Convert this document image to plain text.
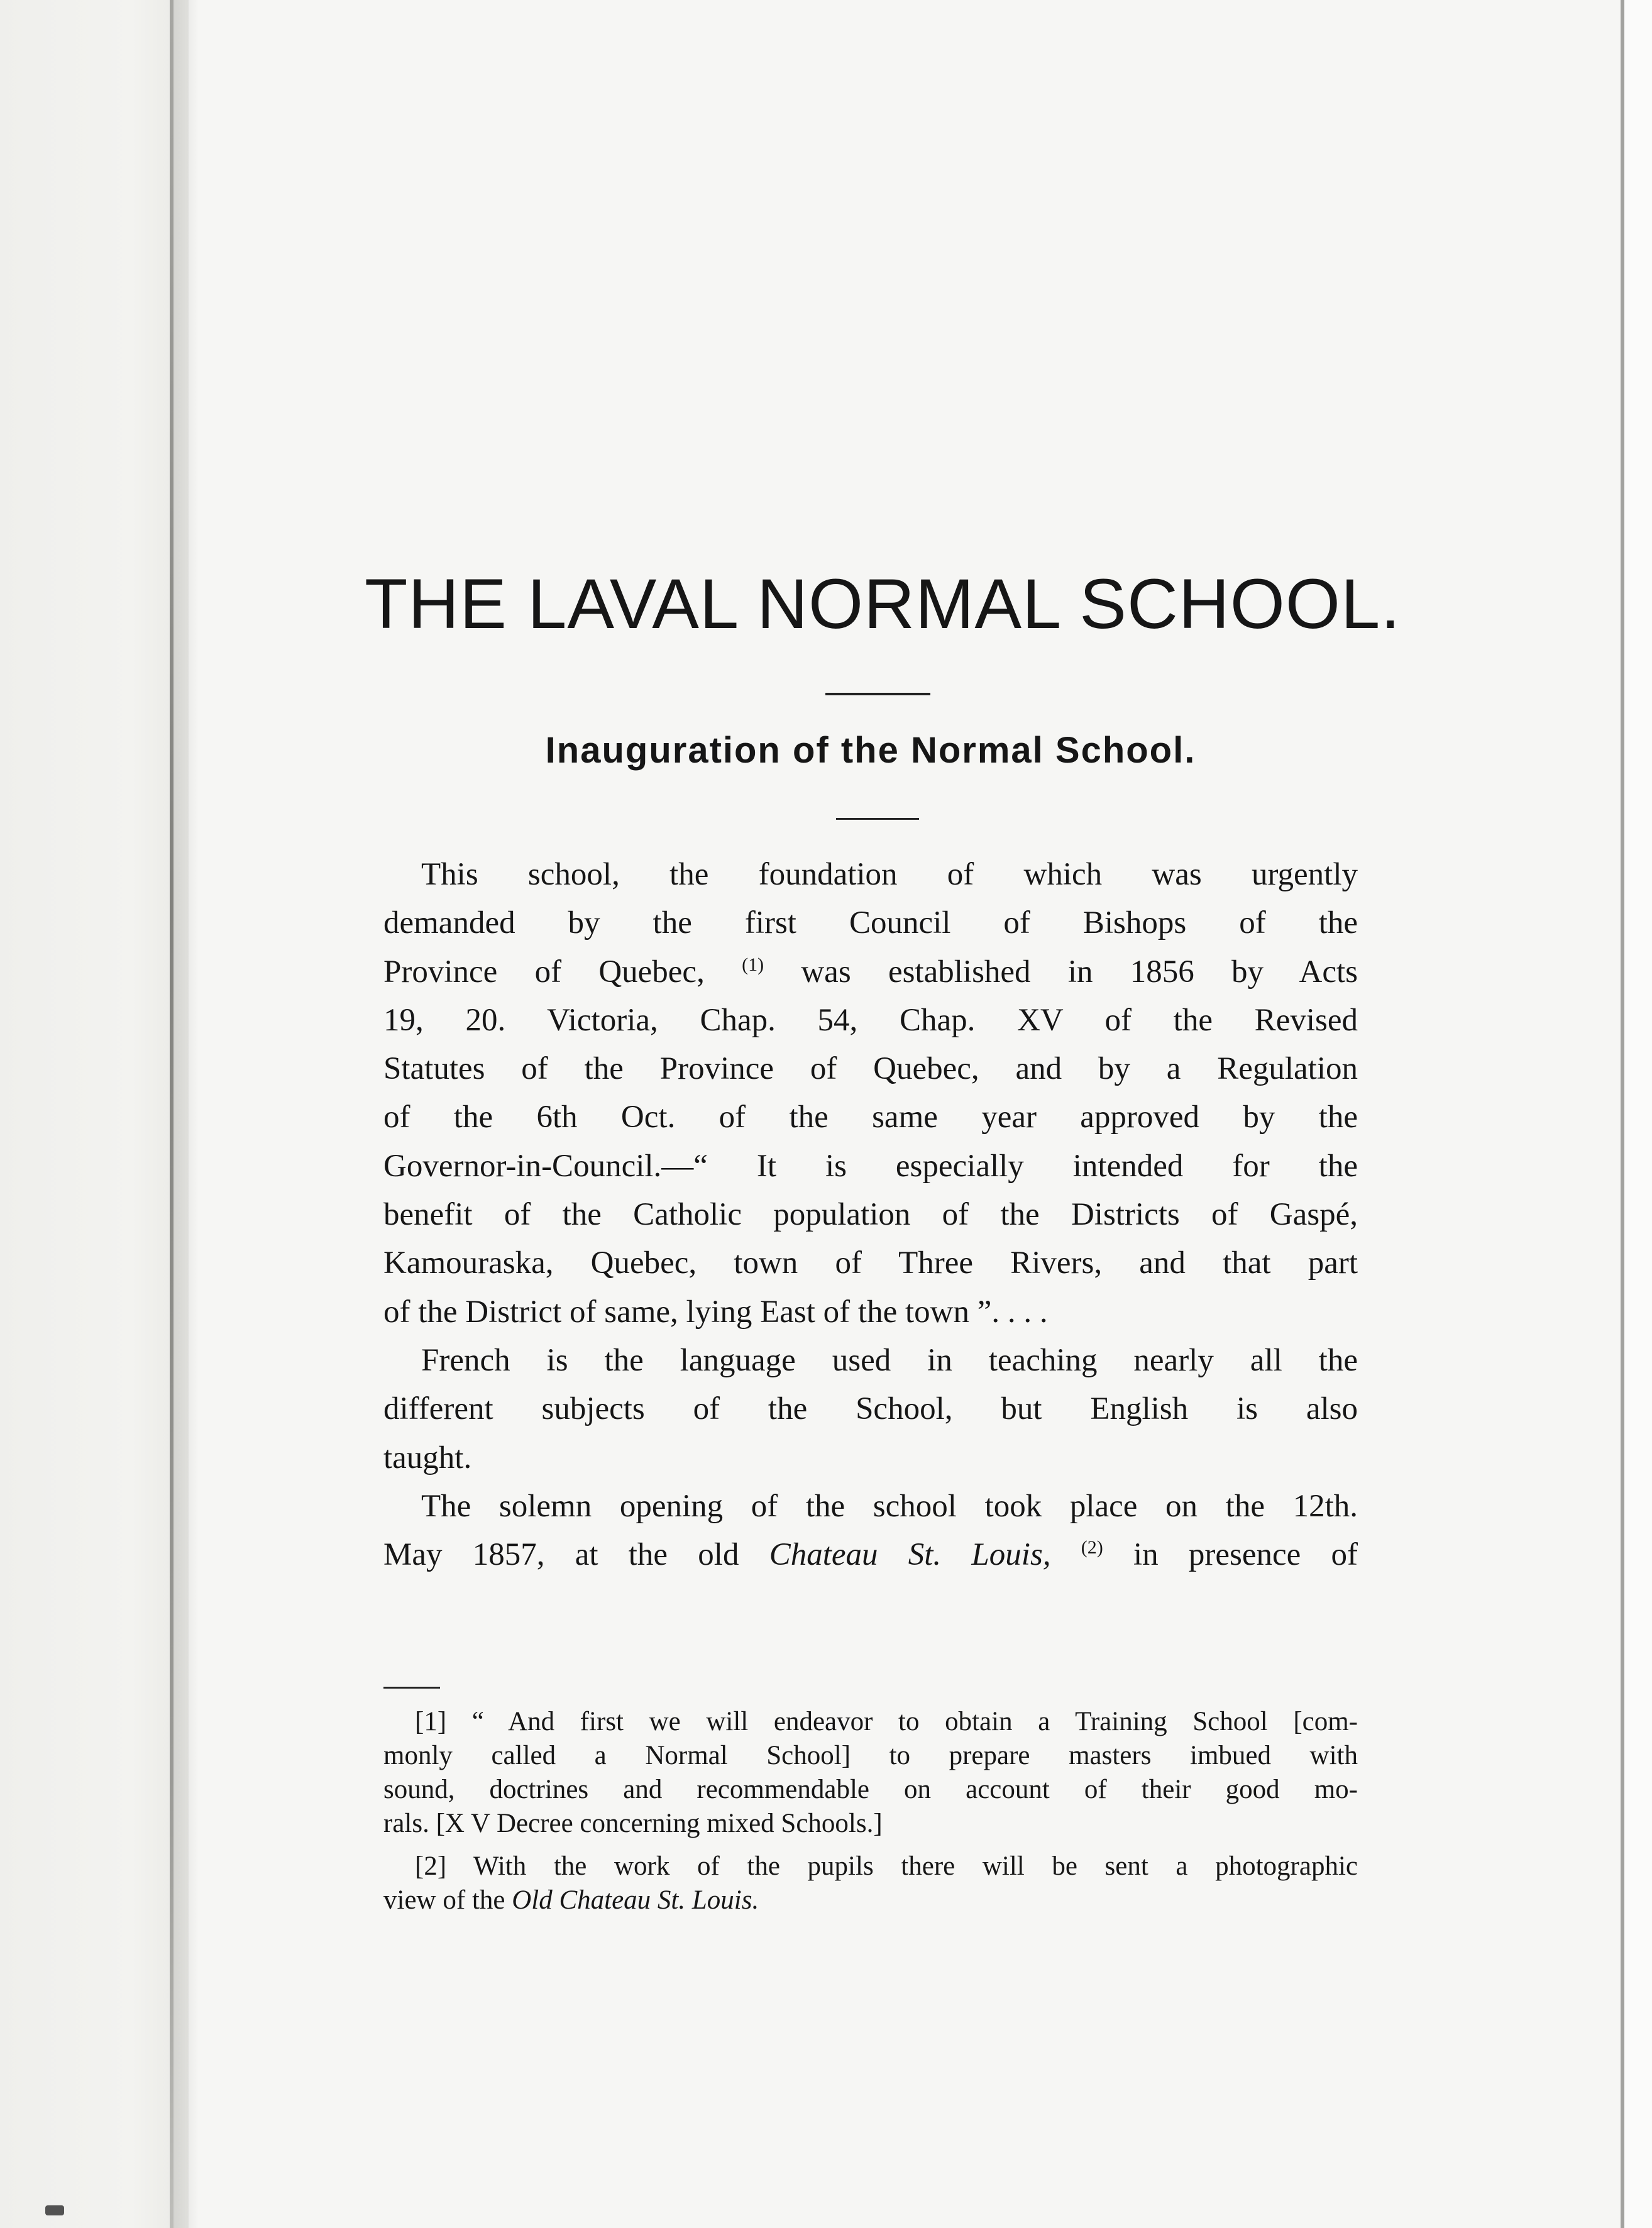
THE LAVAL NORMAL SCHOOL.
Inauguration of the Normal School.
This school, the foundation of which was urgently
demanded by the first Council of Bishops of the
Province of Quebec, $^{(1)}$ was established in 1856 by Acts
19, 20. Victoria, Chap. 54, Chap. XV of the Revised
Statutes of the Province of Quebec, and by a Regulation
of the 6th Oct. of the same year approved by the
Governor-in-Council.—“ It is especially intended for the
benefit of the Catholic population of the Districts of Gaspé,
Kamouraska, Quebec, town of Three Rivers, and that part
of the District of same, lying East of the town ”. . . .
French is the language used in teaching nearly all the
different subjects of the School, but English is also
taught.
The solemn opening of the school took place on the 12th.
May 1857, at the old Chateau St. Louis, $^{(2)}$ in presence of
[1] “ And first we will endeavor to obtain a Training School [com-
monly called a Normal School] to prepare masters imbued with
sound, doctrines and recommendable on account of their good mo-
rals. [X V Decree concerning mixed Schools.]
[2] With the work of the pupils there will be sent a photographic
view of the Old Chateau St. Louis.
